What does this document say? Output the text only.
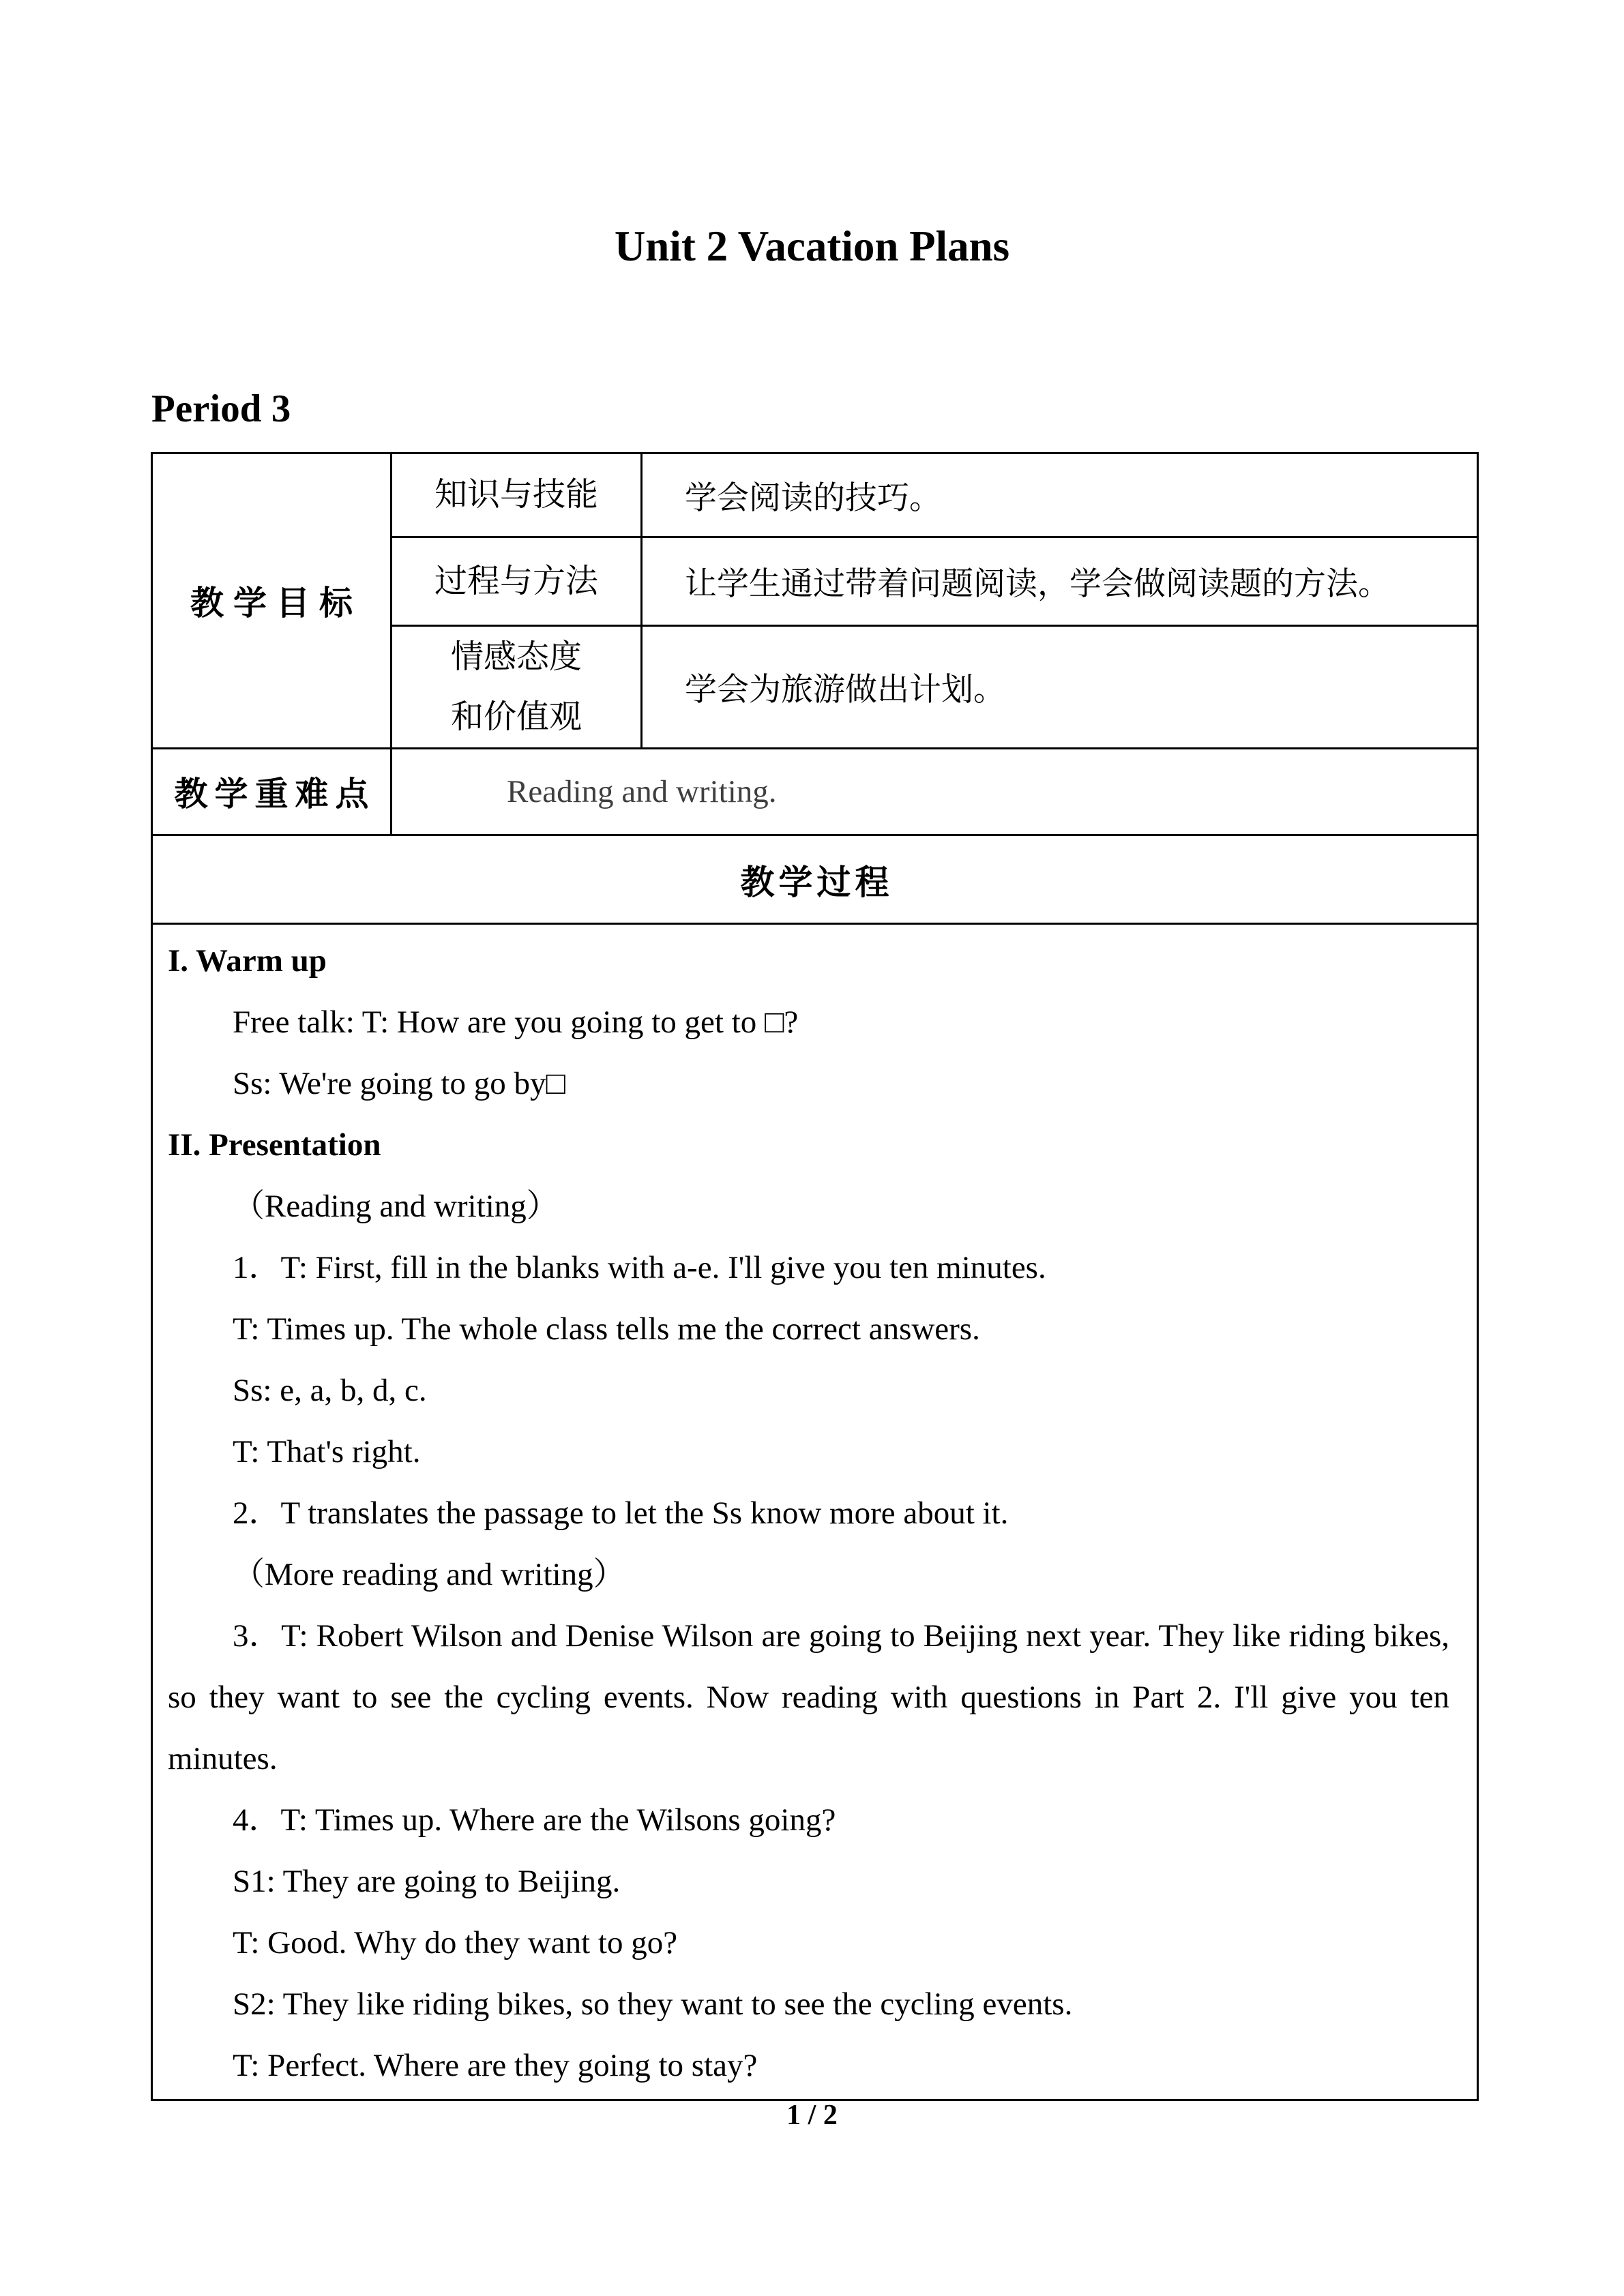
Unit 2 Vacation Plans
Period 3
教学目标	知识与技能	学会阅读的技巧。
	过程与方法	让学生通过带着问题阅读，学会做阅读题的方法。

	情感态度
和价值观	学会为旅游做出计划。
教学重难点	Reading and writing.	
教学过程		

I. Warm up
Free talk: T: How are you going to get to □?
Ss: We're going to go by□
II. Presentation
（Reading and writing）
1．T: First, fill in the blanks with a-e. I'll give you ten minutes.
T: Times up. The whole class tells me the correct answers.
Ss: e, a, b, d, c.
T: That's right.
2．T translates the passage to let the Ss know more about it.
（More reading and writing）
3．T: Robert Wilson and Denise Wilson are going to Beijing next year. They like riding bikes,
so they want to see the cycling events. Now reading with questions in Part 2. I'll give you ten
minutes.
4．T: Times up. Where are the Wilsons going?
S1: They are going to Beijing.
T: Good. Why do they want to go?
S2: They like riding bikes, so they want to see the cycling events.
T: Perfect. Where are they going to stay?
1 / 2
